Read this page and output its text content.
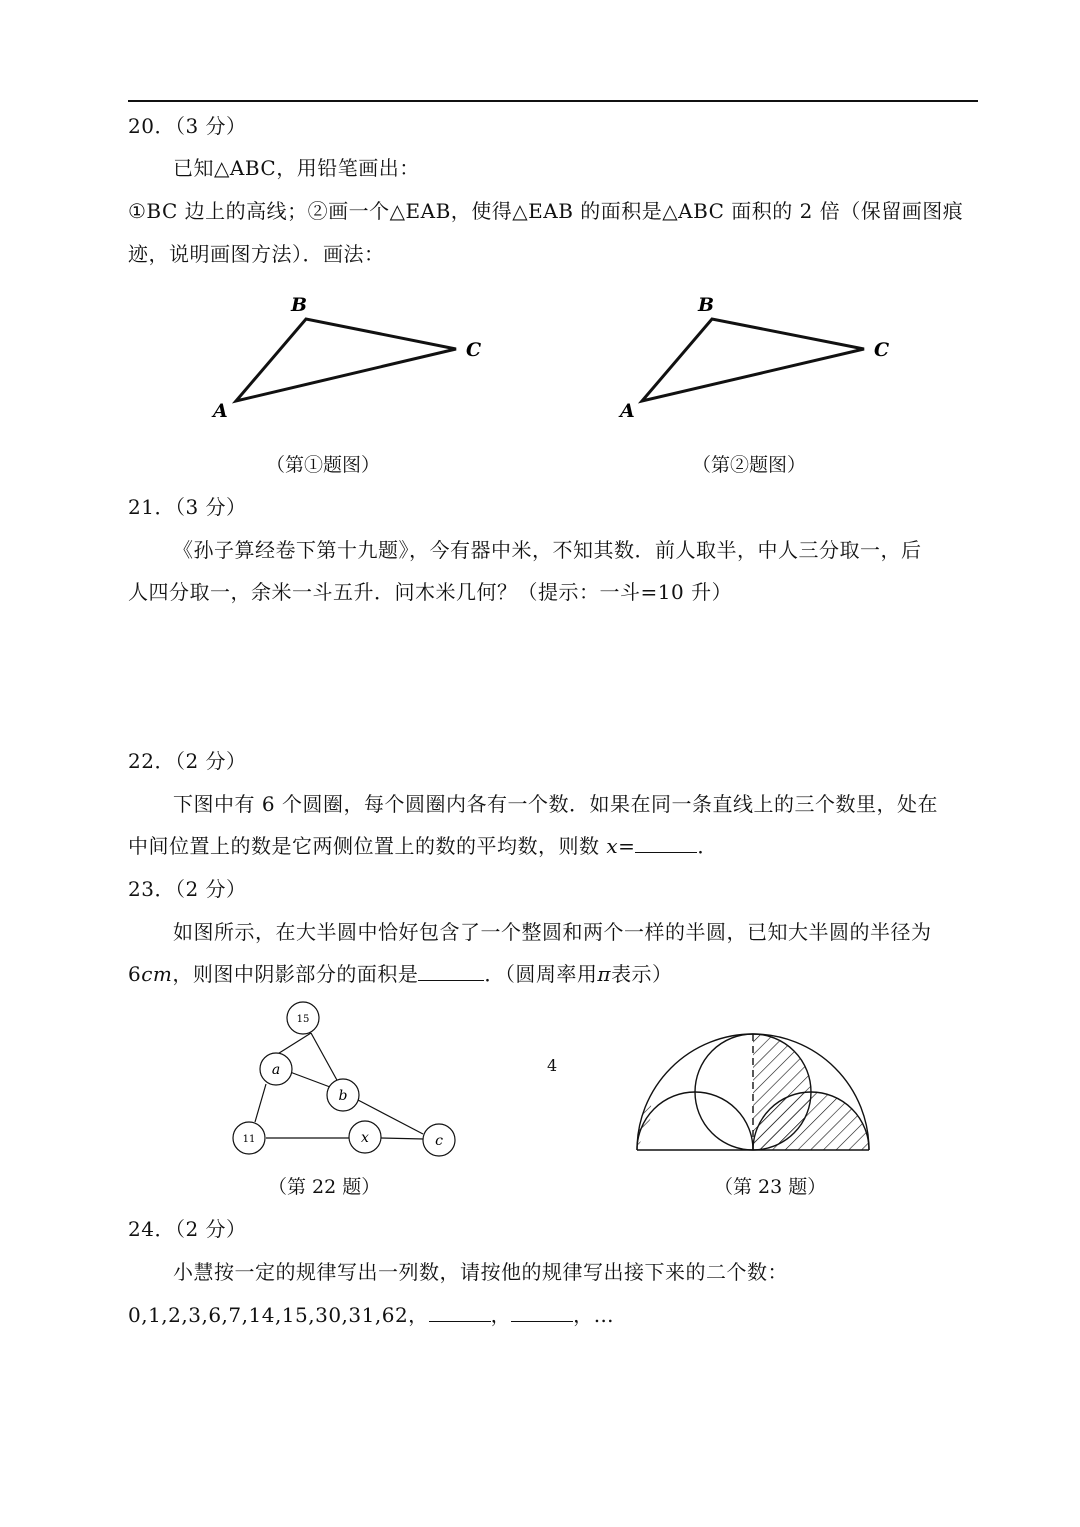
20．（3 分）
已知△ABC，用铅笔画出：
①BC 边上的高线；②画一个△EAB，使得△EAB 的面积是△ABC 面积的 2 倍（保留画图痕
迹，说明画图方法）．画法：
A
B
C
A
B
C
（第①题图）	（第②题图）
21．（3 分）
《孙子算经卷下第十九题》，今有器中米，不知其数．前人取半，中人三分取一，后
人四分取一，余米一斗五升．问木米几何？（提示：一斗=10 升）
22．（2 分）
下图中有 6 个圆圈，每个圆圈内各有一个数．如果在同一条直线上的三个数里，处在
中间位置上的数是它两侧位置上的数的平均数，则数 x=	．
23．（2 分）
如图所示，在大半圆中恰好包含了一个整圆和两个一样的半圆，已知大半圆的半径为
6cm，则图中阴影部分的面积是	．（圆周率用π表示）
15
a
b
11	x	c
（第 22 题）	（第 23 题）
24．（2 分）
小慧按一定的规律写出一列数，请按他的规律写出接下来的二个数：
0,1,2,3,6,7,14,15,30,31,62，	，	，…
4
